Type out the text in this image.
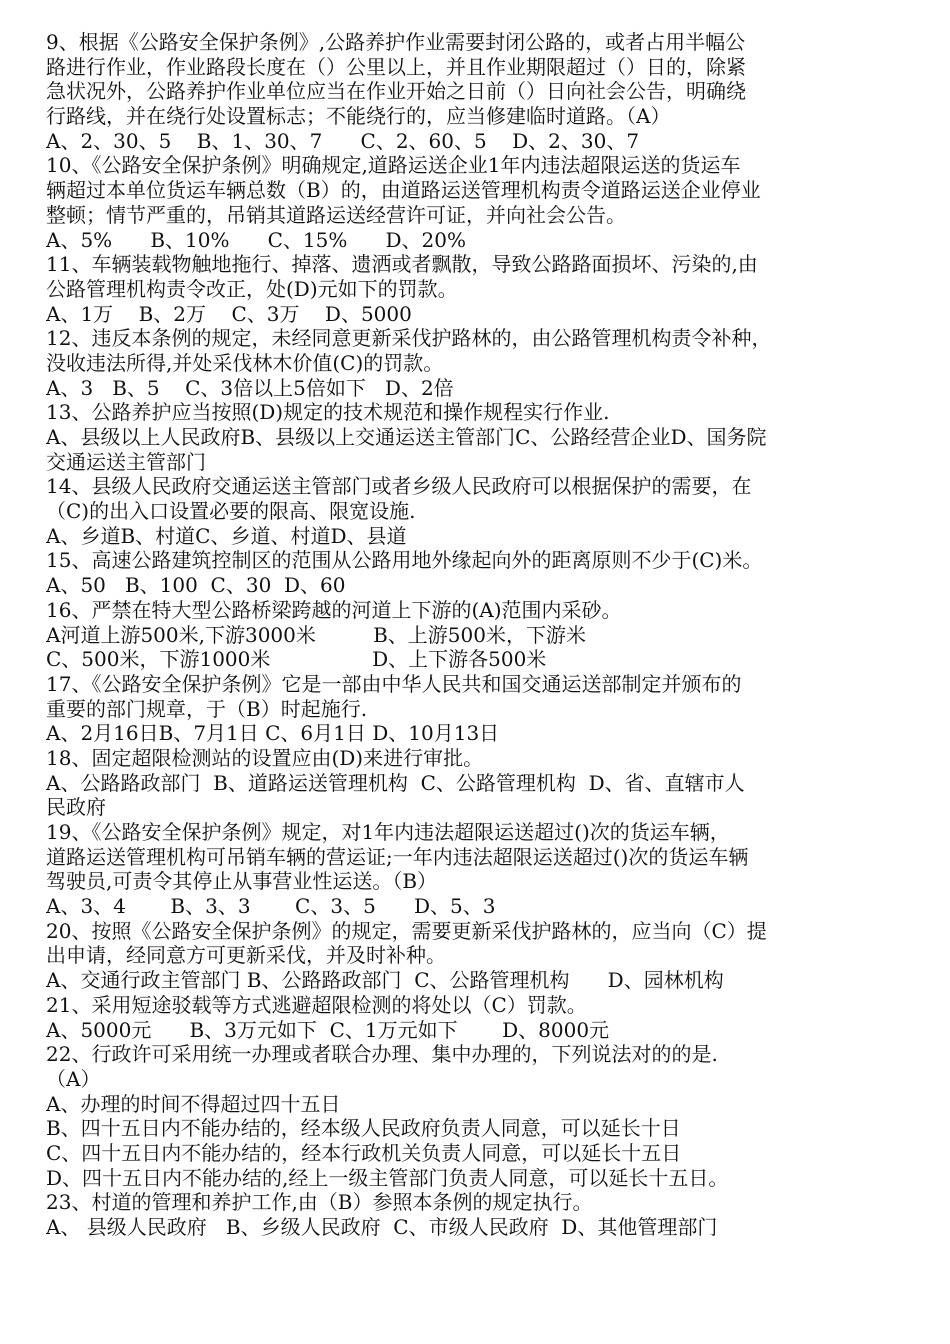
9、根据《公路安全保护条例》,公路养护作业需要封闭公路的，或者占用半幅公
路进行作业，作业路段长度在（）公里以上，并且作业期限超过（）日的，除紧
急状况外，公路养护作业单位应当在作业开始之日前（）日向社会公告，明确绕
行路线，并在绕行处设置标志；不能绕行的，应当修建临时道路。（A）
A、2、30、5    B、1、30、7      C、2、60、5    D、2、30、7
10、《公路安全保护条例》明确规定,道路运送企业1年内违法超限运送的货运车
辆超过本单位货运车辆总数（B）的，由道路运送管理机构责令道路运送企业停业
整顿；情节严重的，吊销其道路运送经营许可证，并向社会公告。
A、5%      B、10%      C、15%      D、20%
11、车辆装载物触地拖行、掉落、遗洒或者飘散，导致公路路面损坏、污染的,由
公路管理机构责令改正，处(D)元如下的罚款。
A、1万    B、2万    C、3万    D、5000
12、违反本条例的规定，未经同意更新采伐护路林的，由公路管理机构责令补种，
没收违法所得,并处采伐林木价值(C)的罚款。
A、3   B、5    C、3倍以上5倍如下   D、2倍
13、公路养护应当按照(D)规定的技术规范和操作规程实行作业.
A、县级以上人民政府B、县级以上交通运送主管部门C、公路经营企业D、国务院
交通运送主管部门
14、县级人民政府交通运送主管部门或者乡级人民政府可以根据保护的需要，在
（C)的出入口设置必要的限高、限宽设施.
A、乡道B、村道C、乡道、村道D、县道
15、高速公路建筑控制区的范围从公路用地外缘起向外的距离原则不少于(C)米。
A、50   B、100  C、30  D、60
16、严禁在特大型公路桥梁跨越的河道上下游的(A)范围内采砂。
A河道上游500米,下游3000米         B、上游500米，下游米
C、500米，下游1000米                D、上下游各500米
17、《公路安全保护条例》它是一部由中华人民共和国交通运送部制定并颁布的
重要的部门规章，于（B）时起施行.
A、2月16日B、7月1日 C、6月1日 D、10月13日
18、固定超限检测站的设置应由(D)来进行审批。
A、公路路政部门  B、道路运送管理机构  C、公路管理机构  D、省、直辖市人
民政府
19、《公路安全保护条例》规定，对1年内违法超限运送超过()次的货运车辆，
道路运送管理机构可吊销车辆的营运证;一年内违法超限运送超过()次的货运车辆
驾驶员,可责令其停止从事营业性运送。（B）
A、3、4       B、3、3       C、3、5      D、5、3
20、按照《公路安全保护条例》的规定，需要更新采伐护路林的，应当向（C）提
出申请，经同意方可更新采伐，并及时补种。
A、交通行政主管部门 B、公路路政部门  C、公路管理机构      D、园林机构
21、采用短途驳载等方式逃避超限检测的将处以（C）罚款。
A、5000元      B、3万元如下  C、1万元如下       D、8000元
22、行政许可采用统一办理或者联合办理、集中办理的，下列说法对的的是.
（A）
A、办理的时间不得超过四十五日
B、四十五日内不能办结的，经本级人民政府负责人同意，可以延长十日
C、四十五日内不能办结的，经本行政机关负责人同意，可以延长十五日
D、四十五日内不能办结的,经上一级主管部门负责人同意，可以延长十五日。
23、村道的管理和养护工作,由（B）参照本条例的规定执行。
A、 县级人民政府   B、乡级人民政府  C、市级人民政府  D、其他管理部门
